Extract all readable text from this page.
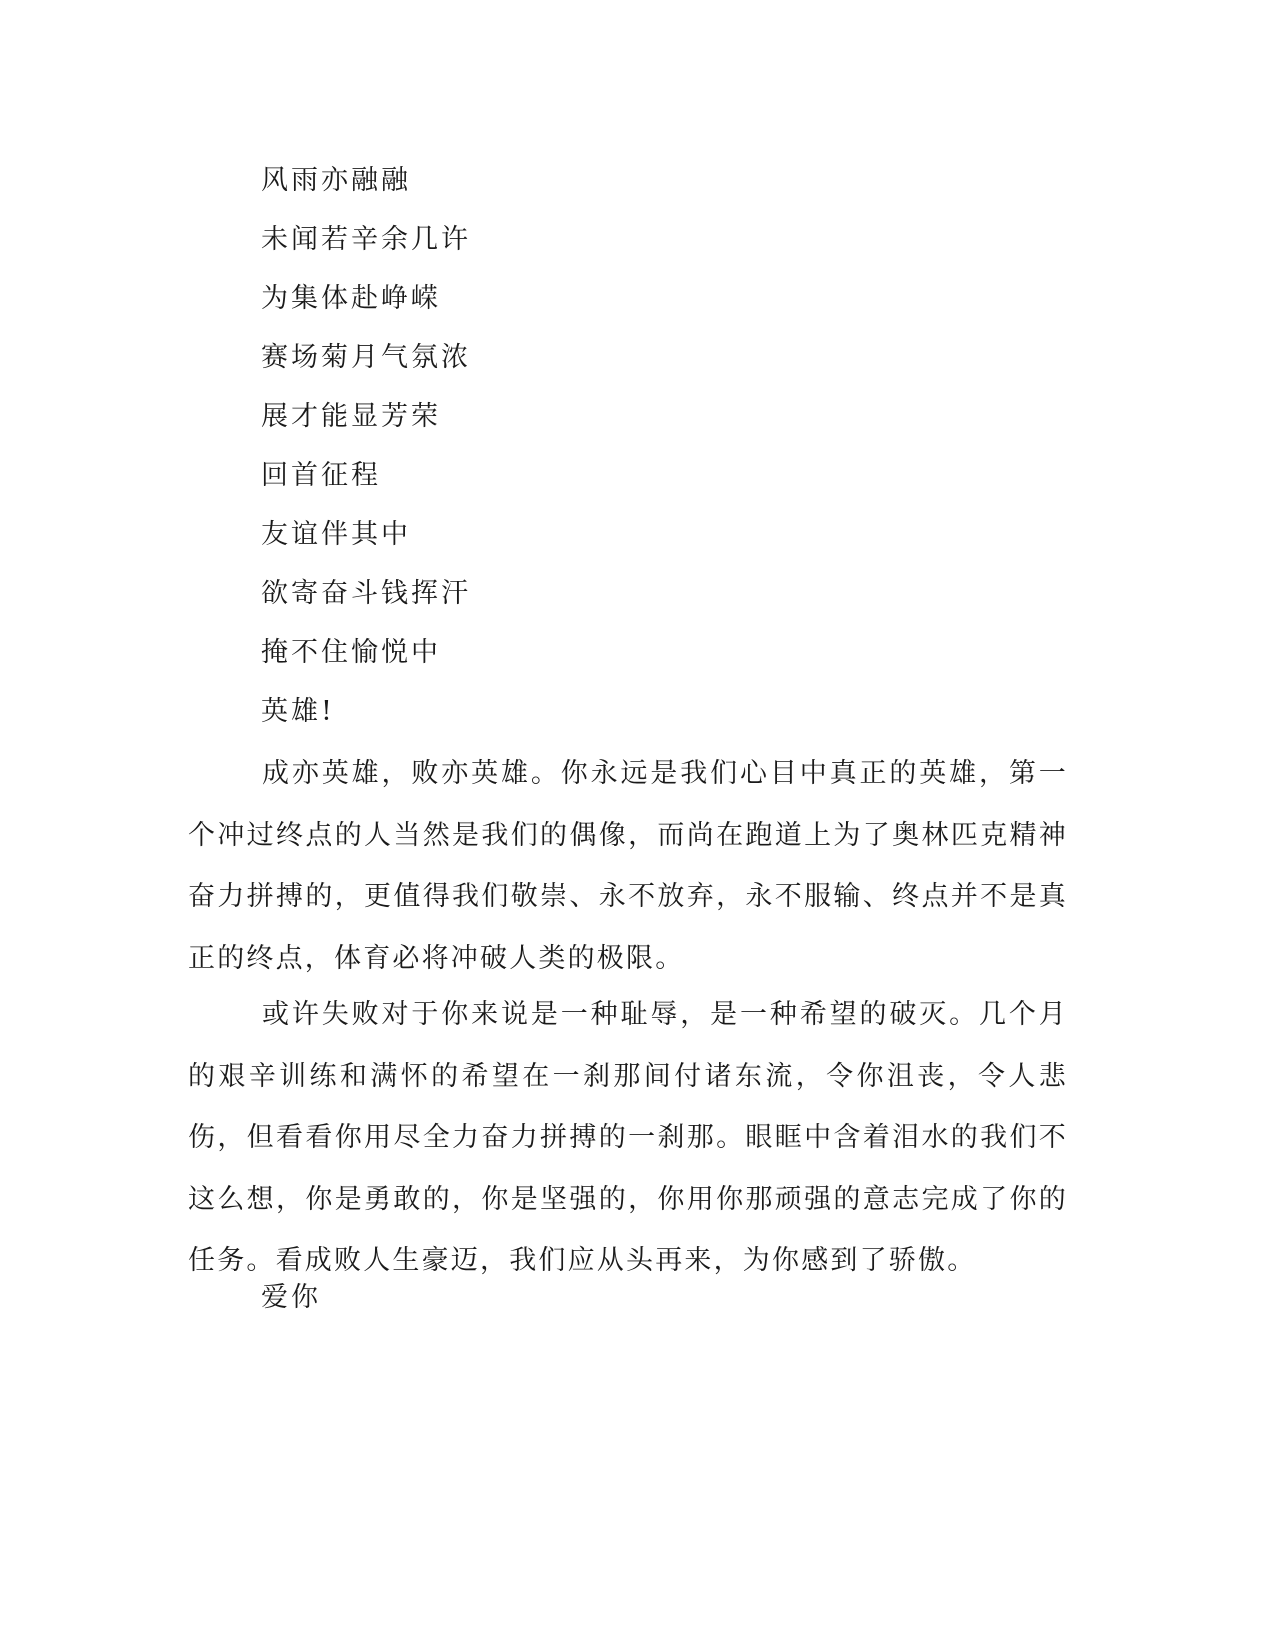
风雨亦融融
未闻若辛余几许
为集体赴峥嵘
赛场菊月气氛浓
展才能显芳荣
回首征程
友谊伴其中
欲寄奋斗钱挥汗
掩不住愉悦中
英雄!

成亦英雄，败亦英雄。你永远是我们心目中真正的英雄，第一个冲过终点的人当然是我们的偶像，而尚在跑道上为了奥林匹克精神奋力拼搏的，更值得我们敬崇、永不放弃，永不服输、终点并不是真正的终点，体育必将冲破人类的极限。

或许失败对于你来说是一种耻辱，是一种希望的破灭。几个月的艰辛训练和满怀的希望在一刹那间付诸东流，令你沮丧，令人悲伤，但看看你用尽全力奋力拼搏的一刹那。眼眶中含着泪水的我们不这么想，你是勇敢的，你是坚强的，你用你那顽强的意志完成了你的任务。看成败人生豪迈，我们应从头再来，为你感到了骄傲。

爱你
